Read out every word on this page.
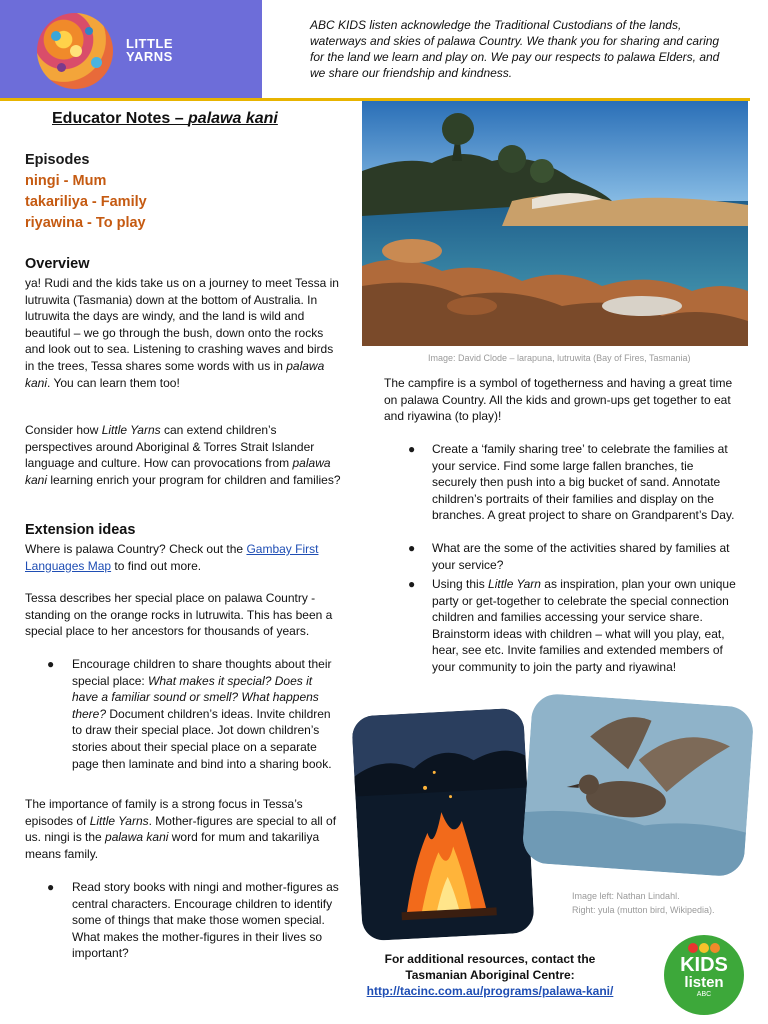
LITTLE
YARNS
ABC KIDS listen acknowledge the Traditional Custodians of the lands, waterways and skies of palawa Country. We thank you for sharing and caring for the land we learn and play on. We pay our respects to palawa Elders, and we share our friendship and kindness.
Educator Notes – palawa kani
Episodes
ningi - Mum
takariliya - Family
riyawina - To play
Overview
ya! Rudi and the kids take us on a journey to meet Tessa in lutruwita (Tasmania) down at the bottom of Australia. In lutruwita the days are windy, and the land is wild and beautiful – we go through the bush, down onto the rocks and look out to sea. Listening to crashing waves and birds in the trees, Tessa shares some words with us in palawa kani. You can learn them too!
Consider how Little Yarns can extend children’s perspectives around Aboriginal & Torres Strait Islander language and culture. How can provocations from palawa kani learning enrich your program for children and families?
Extension ideas
Where is palawa Country? Check out the Gambay First Languages Map to find out more.
Tessa describes her special place on palawa Country - standing on the orange rocks in lutruwita. This has been a special place to her ancestors for thousands of years.
● Encourage children to share thoughts about their special place: What makes it special? Does it have a familiar sound or smell? What happens there? Document children’s ideas. Invite children to draw their special place. Jot down children’s stories about their special place on a separate page then laminate and bind into a sharing book.
The importance of family is a strong focus in Tessa’s episodes of Little Yarns. Mother-figures are special to all of us. ningi is the palawa kani word for mum and takariliya means family.
● Read story books with ningi and mother-figures as central characters. Encourage children to identify some of things that make those women special. What makes the mother-figures in their lives so important?
Image: David Clode – larapuna, lutruwita (Bay of Fires, Tasmania)
The campfire is a symbol of togetherness and having a great time on palawa Country. All the kids and grown-ups get together to eat and riyawina (to play)!
● Create a ‘family sharing tree’ to celebrate the families at your service. Find some large fallen branches, tie securely then push into a big bucket of sand. Annotate children’s portraits of their families and display on the branches. A great project to share on Grandparent’s Day.
● What are the some of the activities shared by families at your service?
● Using this Little Yarn as inspiration, plan your own unique party or get-together to celebrate the special connection children and families accessing your service share. Brainstorm ideas with children – what will you play, eat, hear, see etc. Invite families and extended members of your community to join the party and riyawina!
Image left: Nathan Lindahl.
Right: yula (mutton bird, Wikipedia).
For additional resources, contact the
Tasmanian Aboriginal Centre:
http://tacinc.com.au/programs/palawa-kani/
KIDS
listen
ABC
